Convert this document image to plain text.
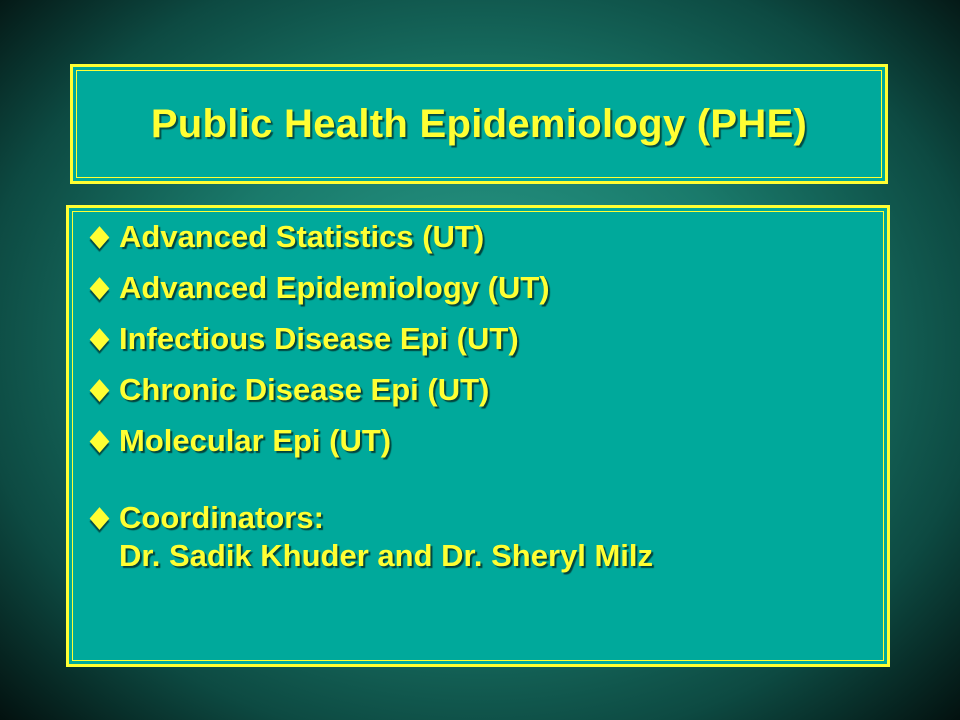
Public Health Epidemiology (PHE)
Advanced Statistics (UT)
Advanced Epidemiology (UT)
Infectious Disease Epi (UT)
Chronic Disease Epi (UT)
Molecular Epi (UT)
Coordinators:
Dr. Sadik Khuder and Dr. Sheryl Milz
